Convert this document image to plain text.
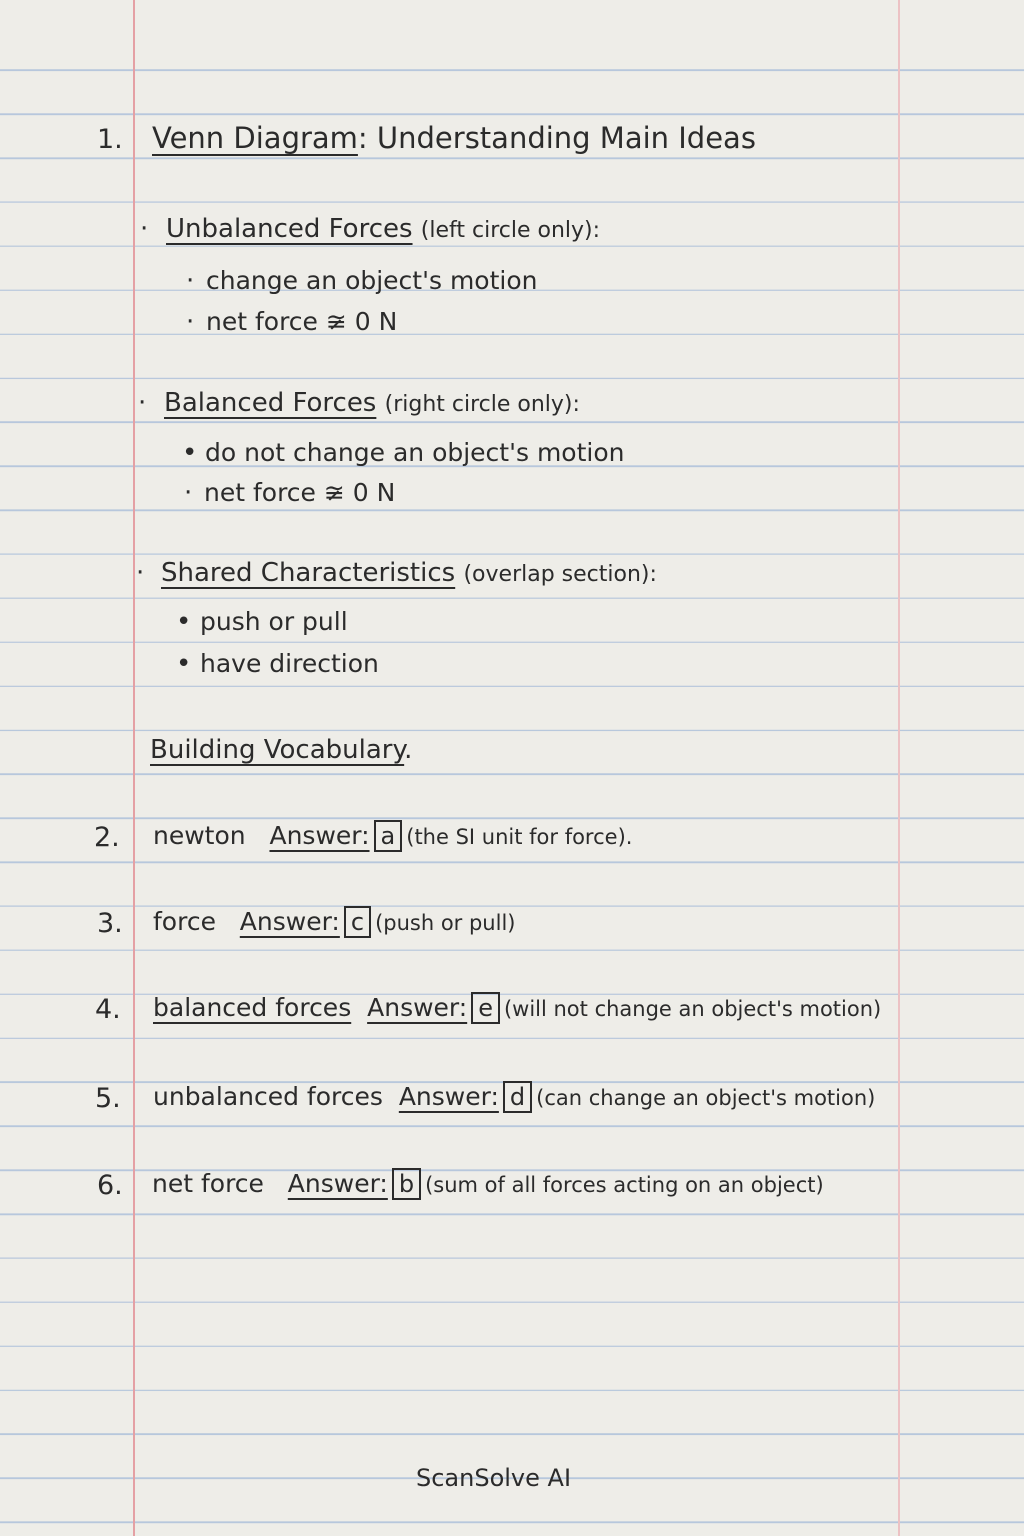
1. Venn Diagram: Understanding Main Ideas
· Unbalanced Forces (left circle only):
· change an object's motion
· net force ≆ 0 N
· Balanced Forces (right circle only):
• do not change an object's motion
· net force ≆ 0 N
· Shared Characteristics (overlap section):
• push or pull
• have direction
Building Vocabulary.
2. newton Answer: a (the SI unit for force).
3. force Answer: c (push or pull)
4. balanced forces Answer: e (will not change an object's motion)
5. unbalanced forces Answer: d (can change an object's motion)
6. net force Answer: b (sum of all forces acting on an object)
ScanSolve AI
